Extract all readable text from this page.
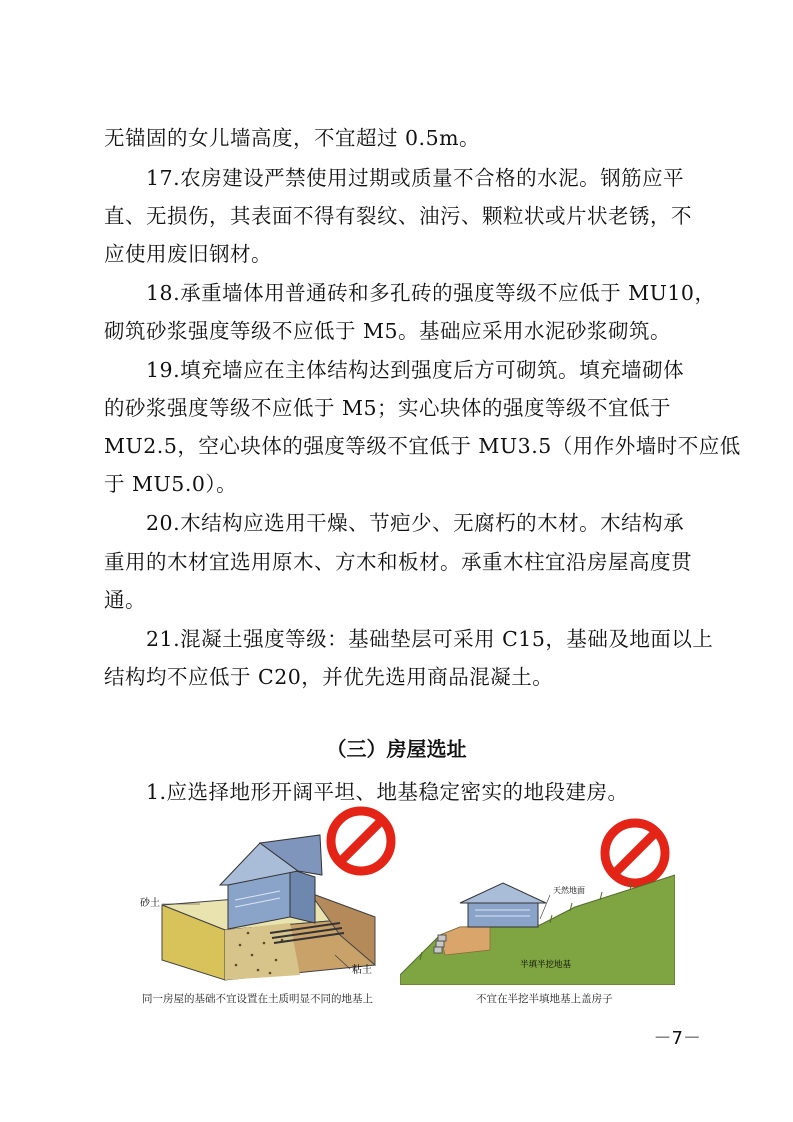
无锚固的女儿墙高度，不宜超过 0.5m。
17.农房建设严禁使用过期或质量不合格的水泥。钢筋应平
直、无损伤，其表面不得有裂纹、油污、颗粒状或片状老锈，不
应使用废旧钢材。
18.承重墙体用普通砖和多孔砖的强度等级不应低于 MU10，
砌筑砂浆强度等级不应低于 M5。基础应采用水泥砂浆砌筑。
19.填充墙应在主体结构达到强度后方可砌筑。填充墙砌体
的砂浆强度等级不应低于 M5；实心块体的强度等级不宜低于
MU2.5，空心块体的强度等级不宜低于 MU3.5（用作外墙时不应低
于 MU5.0）。
20.木结构应选用干燥、节疤少、无腐朽的木材。木结构承
重用的木材宜选用原木、方木和板材。承重木柱宜沿房屋高度贯
通。
21.混凝土强度等级：基础垫层可采用 C15，基础及地面以上
结构均不应低于 C20，并优先选用商品混凝土。
（三）房屋选址
1.应选择地形开阔平坦、地基稳定密实的地段建房。
砂土
粘土
同一房屋的基础不宜设置在土质明显不同的地基上
天然地面
半填半挖地基
不宜在半挖半填地基上盖房子
－7－
